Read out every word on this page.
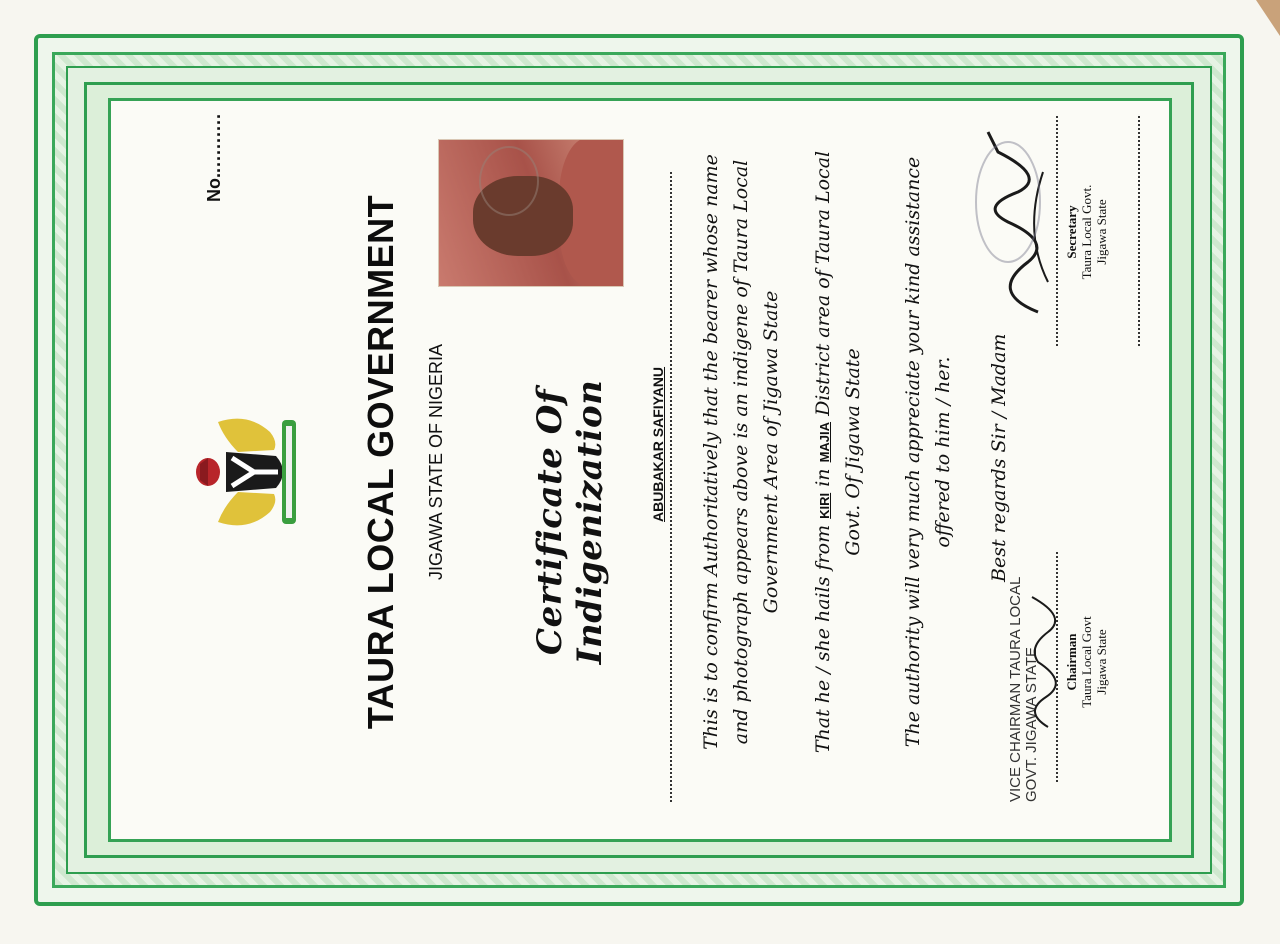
No...........
TAURA LOCAL GOVERNMENT JIGAWA STATE OF NIGERIA Certificate Of Indigenization	ABUBAKAR SAFIYANU This is to confirm Authoritatively that the bearer whose name and photograph appears above is an indigene of Taura Local Government Area of Jigawa State
That he / she hails from KIRI in MAJIA District area of Taura Local Govt. Of Jigawa State The authority will very much appreciate your kind assistance offered to him / her. Best regards Sir / Madam
VICE CHAIRMAN TAURA LOCAL GOVT. JIGAWA STATE Chairman Taura Local Govt Jigawa State
Secretary Taura Local Govt. Jigawa State
